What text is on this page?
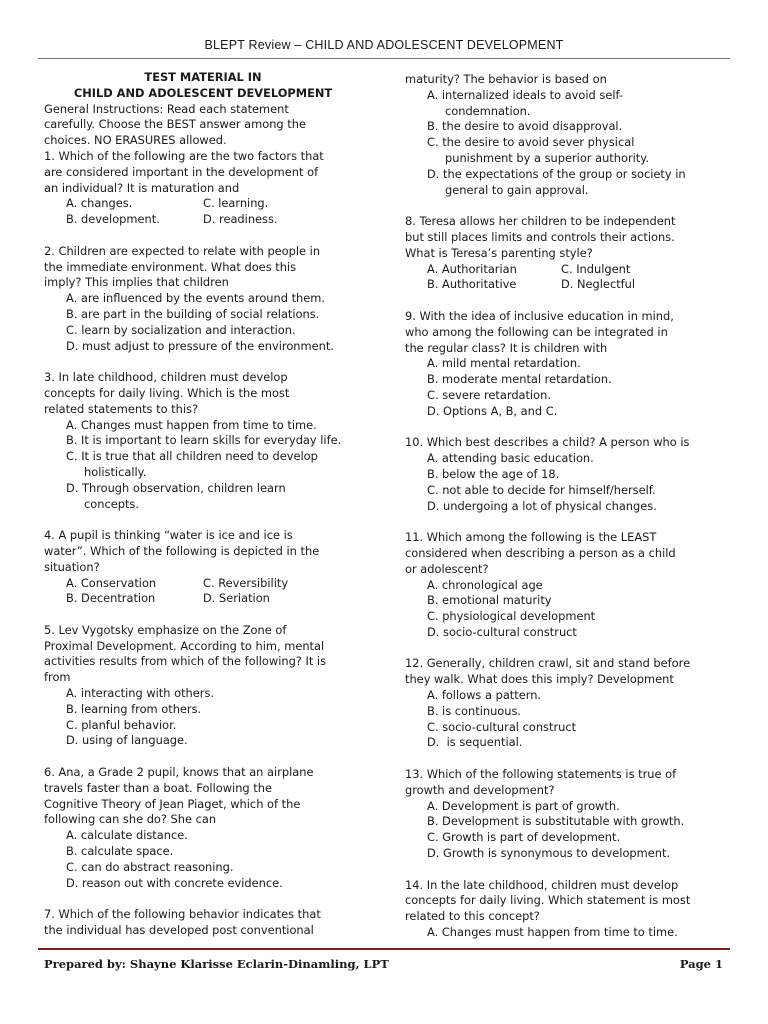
BLEPT Review – CHILD AND ADOLESCENT DEVELOPMENT
TEST MATERIAL IN
CHILD AND ADOLESCENT DEVELOPMENT
General Instructions: Read each statement
carefully. Choose the BEST answer among the
choices. NO ERASURES allowed.
1. Which of the following are the two factors that
are considered important in the development of
an individual? It is maturation and
A. changes.	C. learning.
B. development.	D. readiness.
2. Children are expected to relate with people in
the immediate environment. What does this
imply? This implies that children
A. are influenced by the events around them.
B. are part in the building of social relations.
C. learn by socialization and interaction.
D. must adjust to pressure of the environment.
3. In late childhood, children must develop
concepts for daily living. Which is the most
related statements to this?
A. Changes must happen from time to time.
B. It is important to learn skills for everyday life.
C. It is true that all children need to develop
holistically.
D. Through observation, children learn
concepts.
4. A pupil is thinking “water is ice and ice is
water”. Which of the following is depicted in the
situation?
A. Conservation	C. Reversibility
B. Decentration	D. Seriation
5. Lev Vygotsky emphasize on the Zone of
Proximal Development. According to him, mental
activities results from which of the following? It is
from
A. interacting with others.
B. learning from others.
C. planful behavior.
D. using of language.
6. Ana, a Grade 2 pupil, knows that an airplane
travels faster than a boat. Following the
Cognitive Theory of Jean Piaget, which of the
following can she do? She can
A. calculate distance.
B. calculate space.
C. can do abstract reasoning.
D. reason out with concrete evidence.
7. Which of the following behavior indicates that
the individual has developed post conventional
maturity? The behavior is based on
A. internalized ideals to avoid self-
condemnation.
B. the desire to avoid disapproval.
C. the desire to avoid sever physical
punishment by a superior authority.
D. the expectations of the group or society in
general to gain approval.
8. Teresa allows her children to be independent
but still places limits and controls their actions.
What is Teresa’s parenting style?
A. Authoritarian	C. Indulgent
B. Authoritative	D. Neglectful
9. With the idea of inclusive education in mind,
who among the following can be integrated in
the regular class? It is children with
A. mild mental retardation.
B. moderate mental retardation.
C. severe retardation.
D. Options A, B, and C.
10. Which best describes a child? A person who is
A. attending basic education.
B. below the age of 18.
C. not able to decide for himself/herself.
D. undergoing a lot of physical changes.
11. Which among the following is the LEAST
considered when describing a person as a child
or adolescent?
A. chronological age
B. emotional maturity
C. physiological development
D. socio-cultural construct
12. Generally, children crawl, sit and stand before
they walk. What does this imply? Development
A. follows a pattern.
B. is continuous.
C. socio-cultural construct
D.  is sequential.
13. Which of the following statements is true of
growth and development?
A. Development is part of growth.
B. Development is substitutable with growth.
C. Growth is part of development.
D. Growth is synonymous to development.
14. In the late childhood, children must develop
concepts for daily living. Which statement is most
related to this concept?
A. Changes must happen from time to time.
Prepared by: Shayne Klarisse Eclarin-Dinamling, LPT	Page 1
